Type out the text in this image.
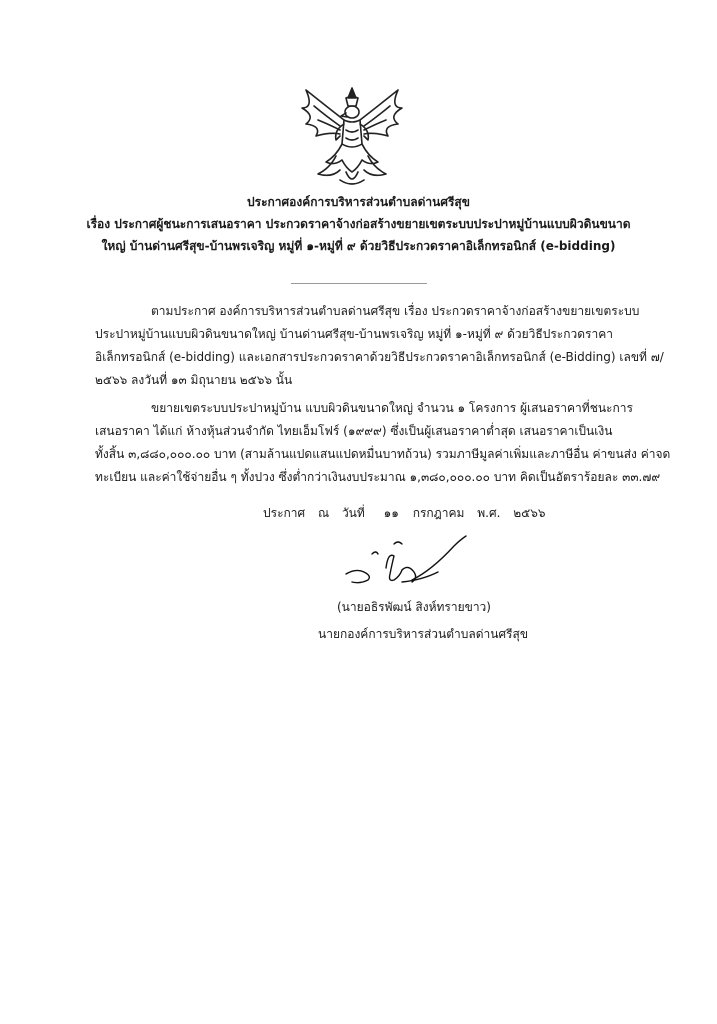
ประกาศองค์การบริหารส่วนตำบลด่านศรีสุข
เรื่อง ประกาศผู้ชนะการเสนอราคา ประกวดราคาจ้างก่อสร้างขยายเขตระบบประปาหมู่บ้านแบบผิวดินขนาด
ใหญ่ บ้านด่านศรีสุข-บ้านพรเจริญ หมู่ที่ ๑-หมู่ที่ ๙ ด้วยวิธีประกวดราคาอิเล็กทรอนิกส์ (e-bidding)
ตามประกาศ องค์การบริหารส่วนตำบลด่านศรีสุข เรื่อง ประกวดราคาจ้างก่อสร้างขยายเขตระบบ
ประปาหมู่บ้านแบบผิวดินขนาดใหญ่ บ้านด่านศรีสุข-บ้านพรเจริญ หมู่ที่ ๑-หมู่ที่ ๙ ด้วยวิธีประกวดราคา
อิเล็กทรอนิกส์ (e-bidding) และเอกสารประกวดราคาด้วยวิธีประกวดราคาอิเล็กทรอนิกส์ (e-Bidding) เลขที่ ๗/
๒๕๖๖ ลงวันที่ ๑๓ มิถุนายน ๒๕๖๖ นั้น
ขยายเขตระบบประปาหมู่บ้าน แบบผิวดินขนาดใหญ่ จำนวน ๑ โครงการ ผู้เสนอราคาที่ชนะการ
เสนอราคา ได้แก่ ห้างหุ้นส่วนจำกัด ไทยเอ็มโฟร์ (๑๙๙๙) ซึ่งเป็นผู้เสนอราคาต่ำสุด เสนอราคาเป็นเงิน
ทั้งสิ้น ๓,๘๘๐,๐๐๐.๐๐ บาท (สามล้านแปดแสนแปดหมื่นบาทถ้วน) รวมภาษีมูลค่าเพิ่มและภาษีอื่น ค่าขนส่ง ค่าจด
ทะเบียน และค่าใช้จ่ายอื่น ๆ ทั้งปวง ซึ่งต่ำกว่าเงินงบประมาณ ๑,๓๘๐,๐๐๐.๐๐ บาท คิดเป็นอัตราร้อยละ ๓๓.๗๙
ประกาศ ณ วันที่ ๑๑ กรกฎาคม พ.ศ. ๒๕๖๖
(นายอธิรพัฒน์ สิงห์ทรายขาว)
นายกองค์การบริหารส่วนตำบลด่านศรีสุข
